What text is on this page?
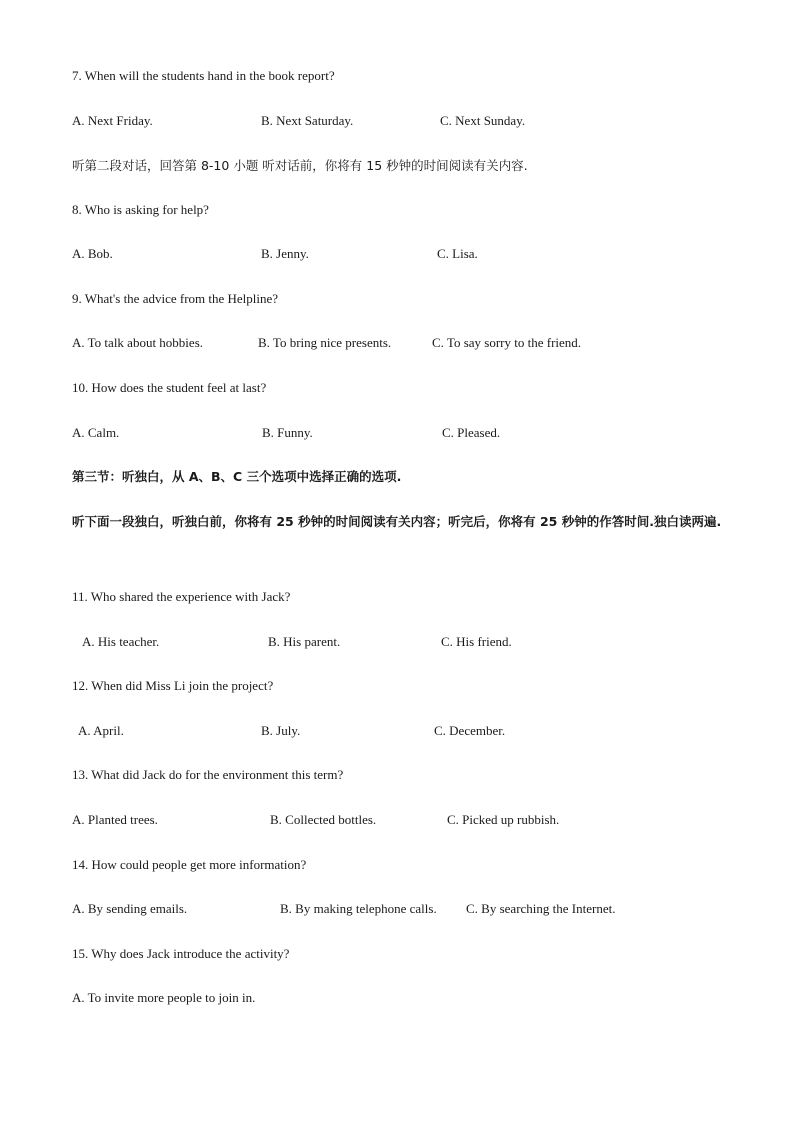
7. When will the students hand in the book report?
A. Next Friday.	B. Next Saturday.	C. Next Sunday.
听第二段对话，回答第 8-10 小题 听对话前，你将有 15 秒钟的时间阅读有关内容.
8. Who is asking for help?
A. Bob.	B. Jenny.	C. Lisa.
9. What's the advice from the Helpline?
A. To talk about hobbies.	B. To bring nice presents.	C. To say sorry to the friend.
10. How does the student feel at last?
A. Calm.	B. Funny.	C. Pleased.
第三节：听独白，从 A、B、C 三个选项中选择正确的选项.
听下面一段独白，听独白前，你将有 25 秒钟的时间阅读有关内容；听完后，你将有 25 秒钟的作答时间.独白读两遍.
11. Who shared the experience with Jack?
A. His teacher.	B. His parent.	C. His friend.
12. When did Miss Li join the project?
A. April.	B. July.	C. December.
13. What did Jack do for the environment this term?
A. Planted trees.	B. Collected bottles.	C. Picked up rubbish.
14. How could people get more information?
A. By sending emails.	B. By making telephone calls. C. By searching the Internet.
15. Why does Jack introduce the activity?
A. To invite more people to join in.
